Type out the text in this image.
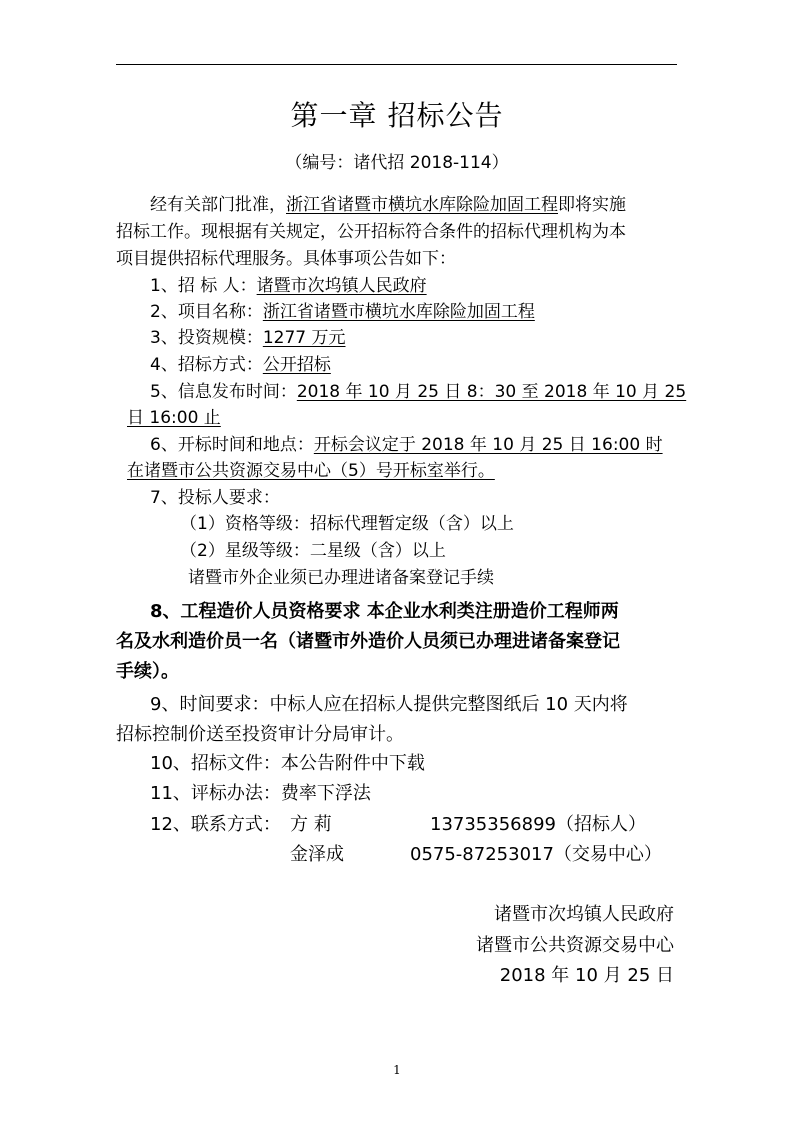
第一章 招标公告
（编号：诸代招 2018-114）
经有关部门批准，浙江省诸暨市横坑水库除险加固工程即将实施
招标工作。现根据有关规定，公开招标符合条件的招标代理机构为本
项目提供招标代理服务。具体事项公告如下：
1、招 标 人：诸暨市次坞镇人民政府
2、项目名称：浙江省诸暨市横坑水库除险加固工程
3、投资规模：1277 万元
4、招标方式：公开招标
5、信息发布时间：2018 年 10 月 25 日 8：30 至 2018 年 10 月 25
日 16:00 止
6、开标时间和地点：开标会议定于 2018 年 10 月 25 日 16:00 时
在诸暨市公共资源交易中心（5）号开标室举行。
7、投标人要求：
（1）资格等级：招标代理暂定级（含）以上
（2）星级等级：二星级（含）以上
诸暨市外企业须已办理进诸备案登记手续
8、工程造价人员资格要求 本企业水利类注册造价工程师两
名及水利造价员一名（诸暨市外造价人员须已办理进诸备案登记
手续）。
9、时间要求：中标人应在招标人提供完整图纸后 10 天内将
招标控制价送至投资审计分局审计。
10、招标文件：本公告附件中下载
11、评标办法：费率下浮法
12、联系方式： 方 莉	13735356899（招标人）
金泽成	0575-87253017（交易中心）
诸暨市次坞镇人民政府
诸暨市公共资源交易中心
2018 年 10 月 25 日
1
